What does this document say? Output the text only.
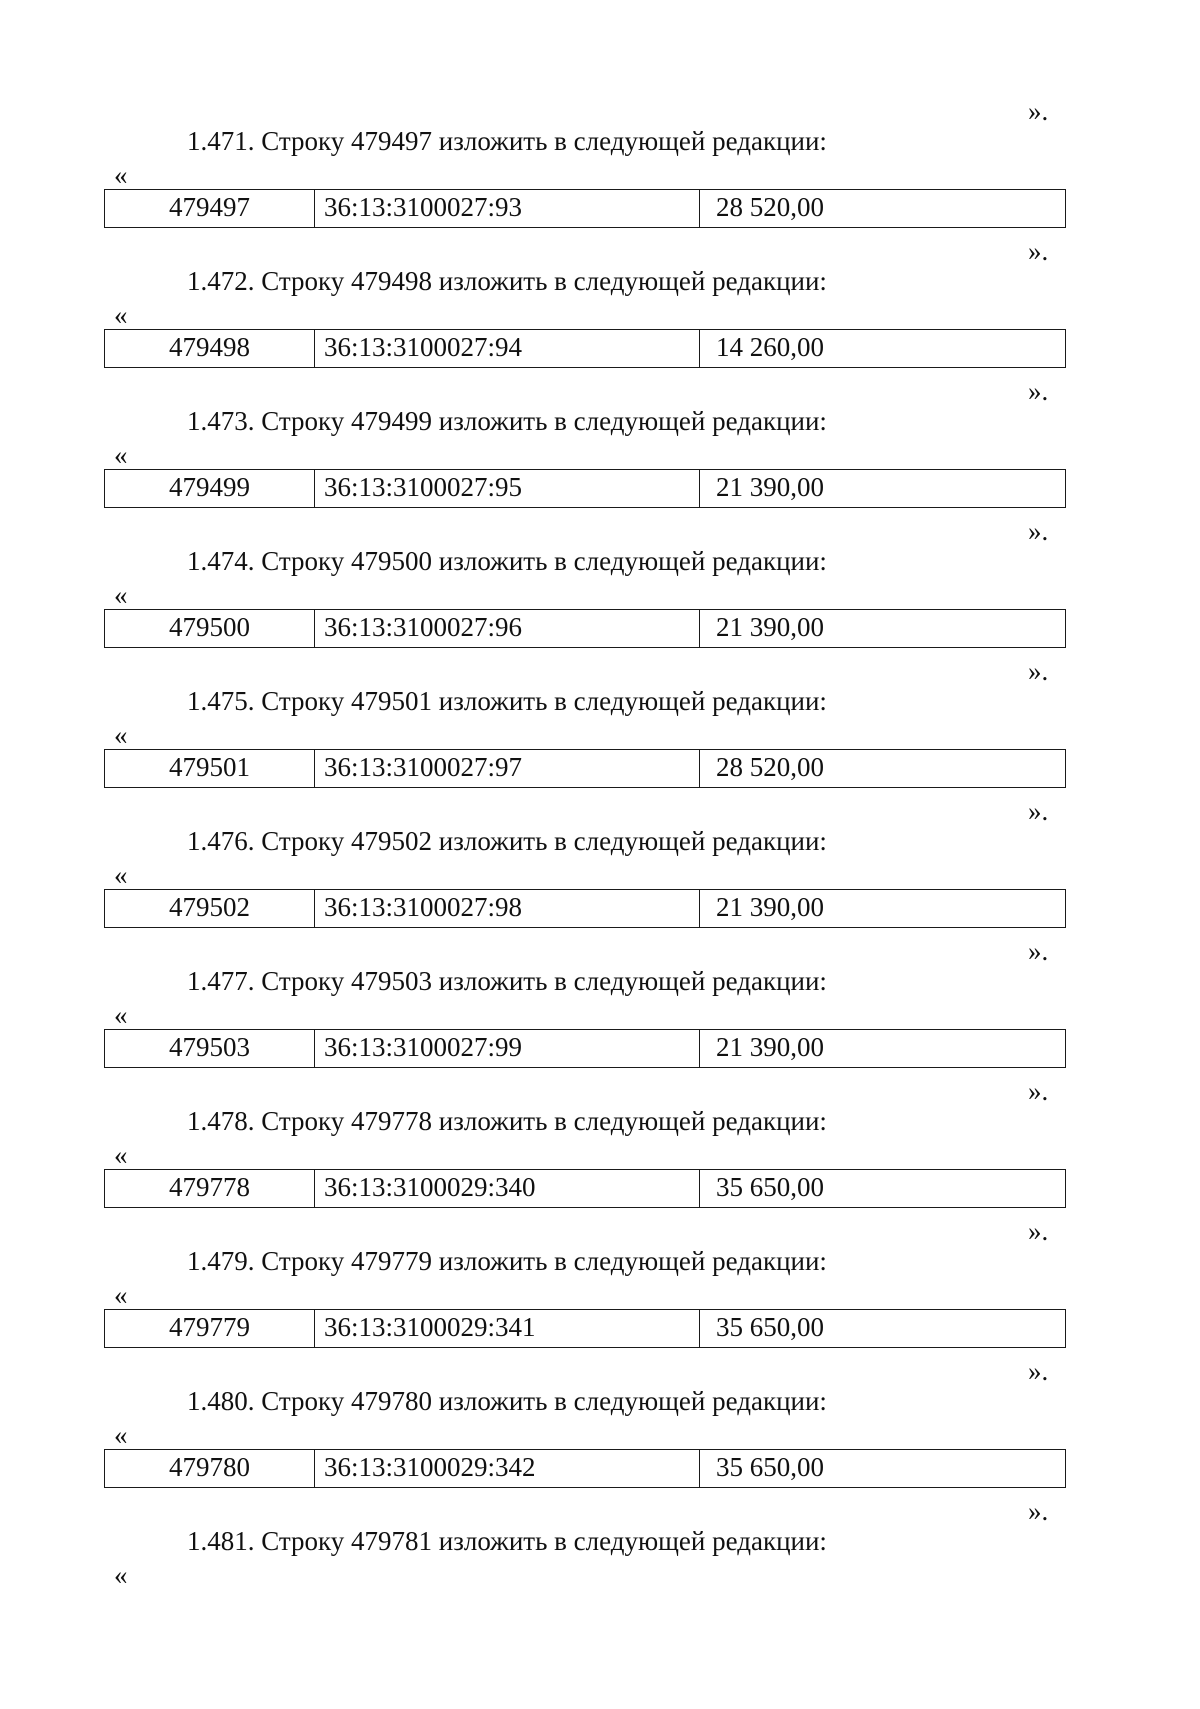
».
1.471. Строку 479497 изложить в следующей редакции:
«
479497	36:13:3100027:93	28 520,00
».
1.472. Строку 479498 изложить в следующей редакции:
«
479498	36:13:3100027:94	14 260,00
».
1.473. Строку 479499 изложить в следующей редакции:
«
479499	36:13:3100027:95	21 390,00
».
1.474. Строку 479500 изложить в следующей редакции:
«
479500	36:13:3100027:96	21 390,00
».
1.475. Строку 479501 изложить в следующей редакции:
«
479501	36:13:3100027:97	28 520,00
».
1.476. Строку 479502 изложить в следующей редакции:
«
479502	36:13:3100027:98	21 390,00
».
1.477. Строку 479503 изложить в следующей редакции:
«
479503	36:13:3100027:99	21 390,00
».
1.478. Строку 479778 изложить в следующей редакции:
«
479778	36:13:3100029:340	35 650,00
».
1.479. Строку 479779 изложить в следующей редакции:
«
479779	36:13:3100029:341	35 650,00
».
1.480. Строку 479780 изложить в следующей редакции:
«
479780	36:13:3100029:342	35 650,00
».
1.481. Строку 479781 изложить в следующей редакции:
«
